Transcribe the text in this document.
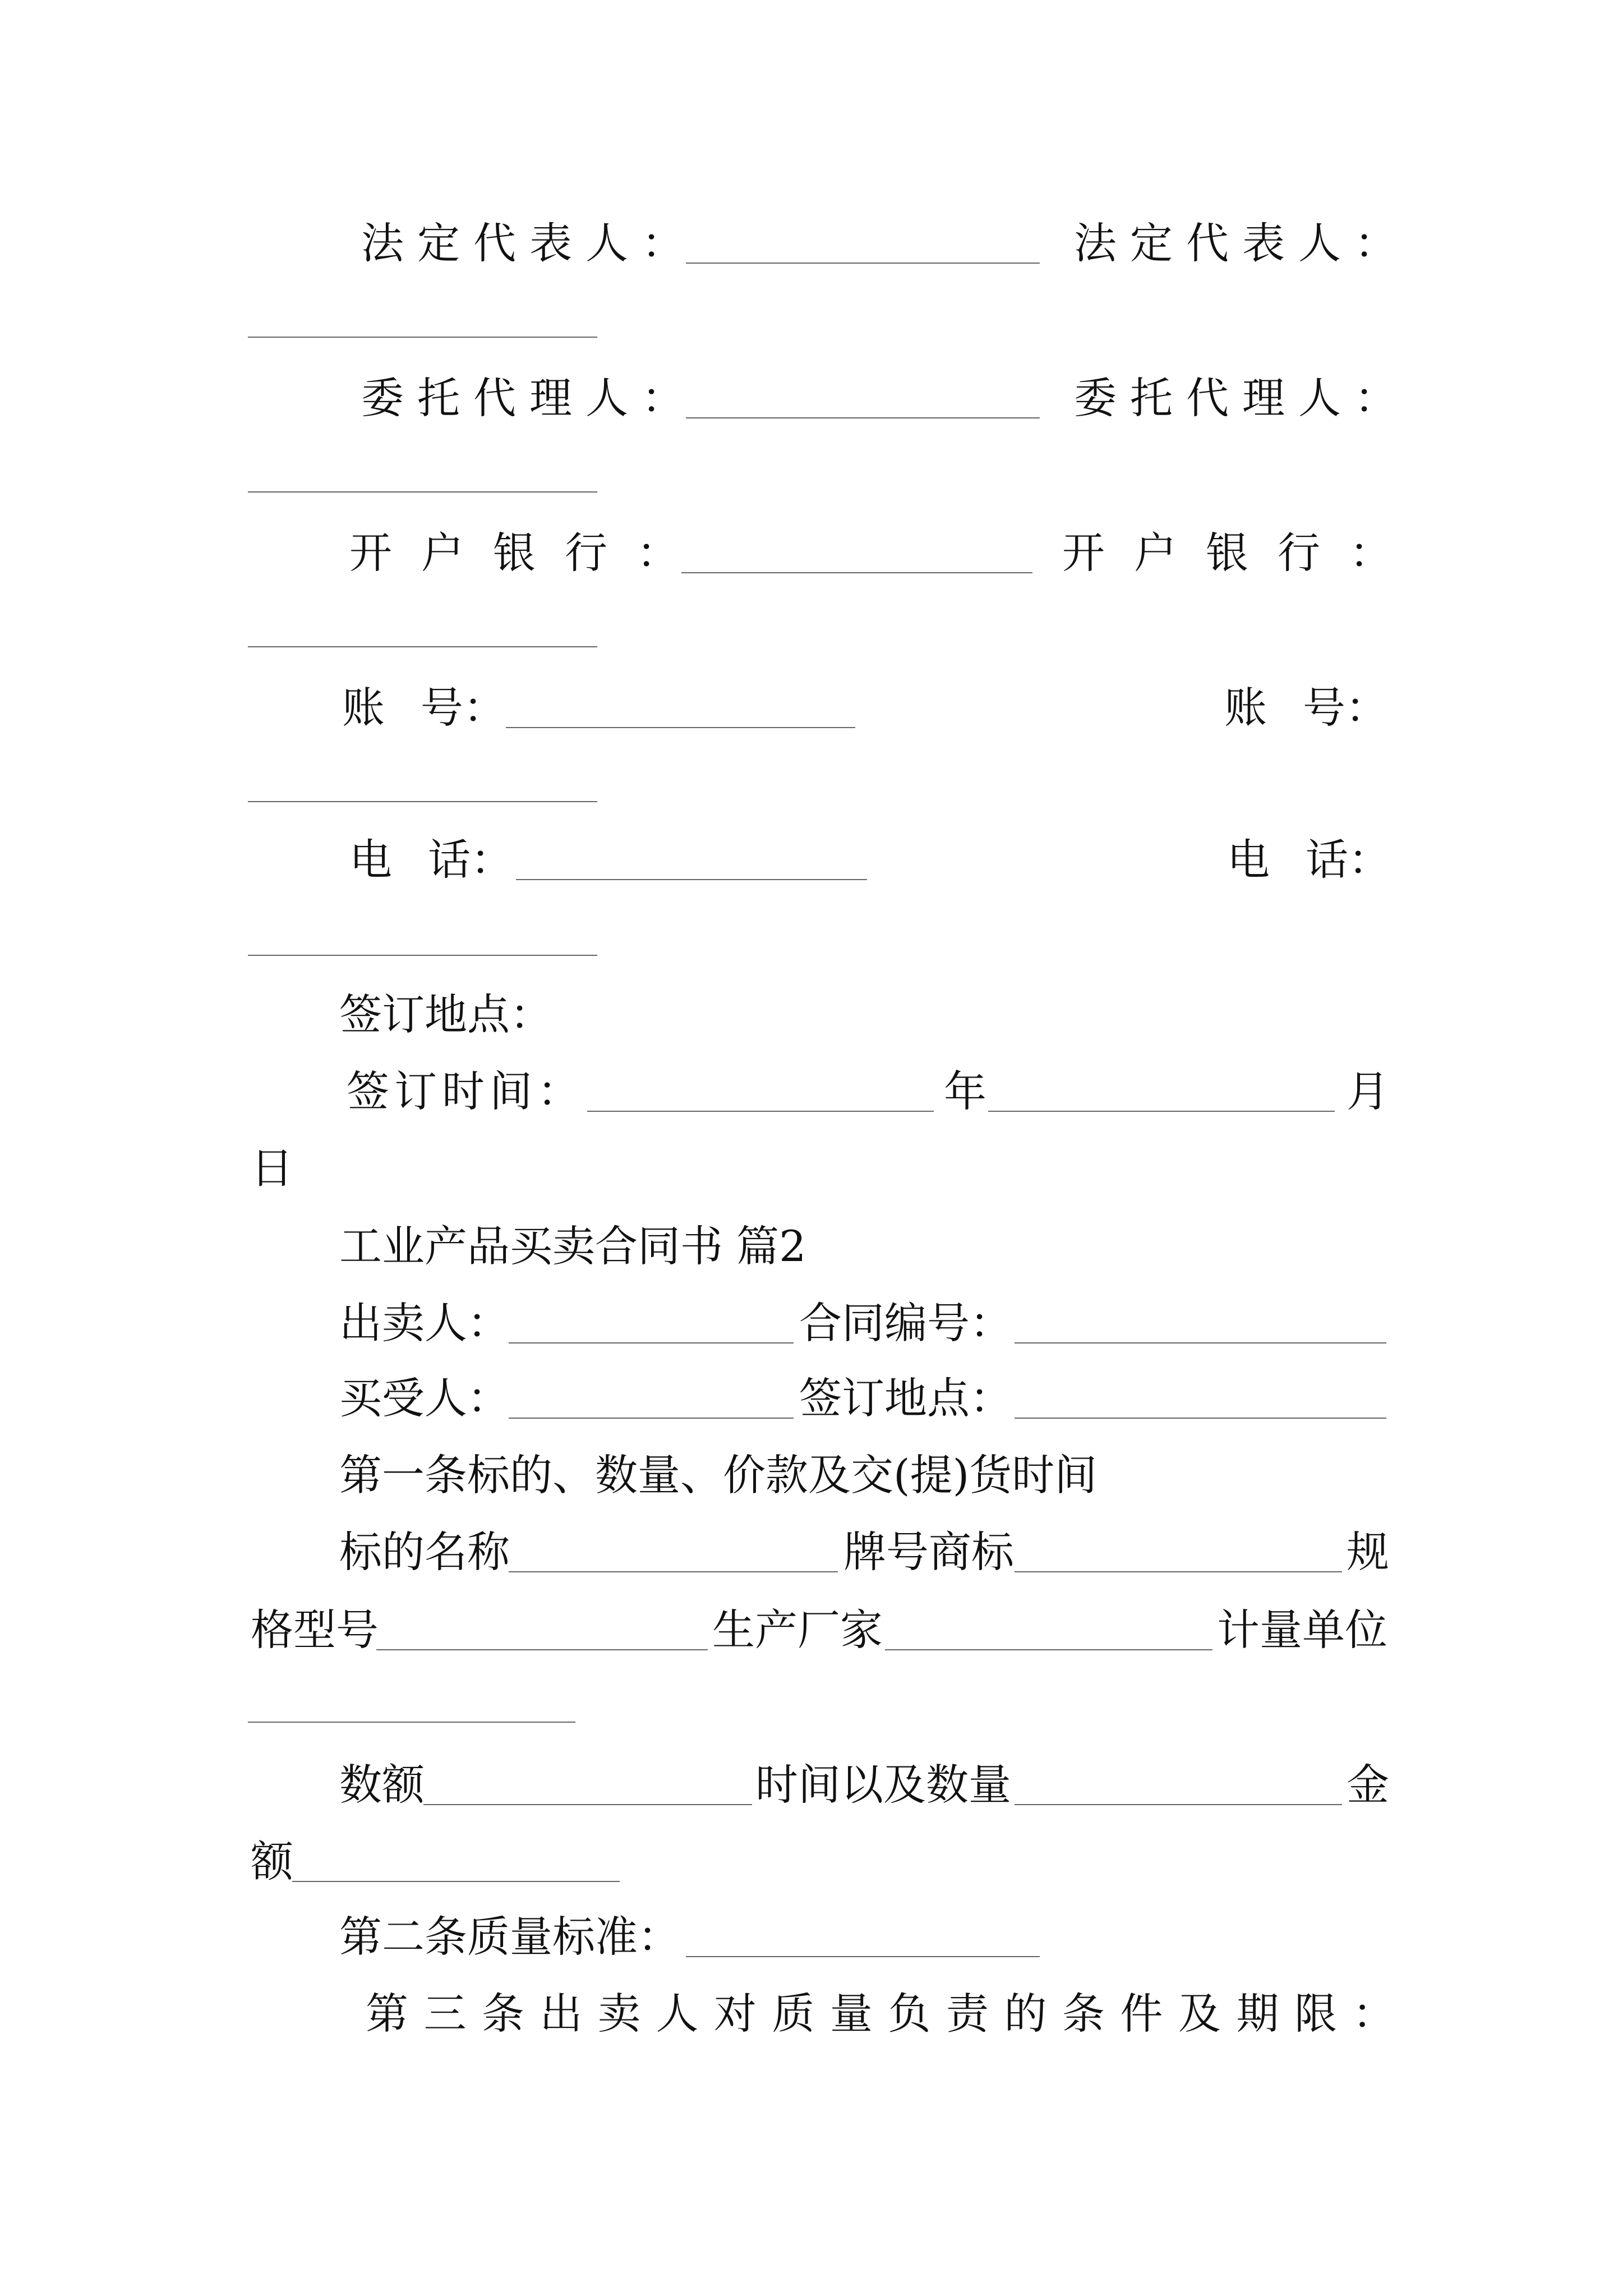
法定代表人：	法定代表人：
委托代理人：	委托代理人：
开户银行：	开户银行：
账号：	账号：
电话：	电话：
签订地点：
签订时间：	年	月
日
工业产品买卖合同书 篇2
出卖人：	合同编号：
买受人：	签订地点：
第一条标的、数量、价款及交(提)货时间
标的名称	牌号商标	规
格型号	生产厂家	计量单位
数额	时间以及数量	金
额
第二条质量标准：
第三条出卖人对质量负责的条件及期限：
